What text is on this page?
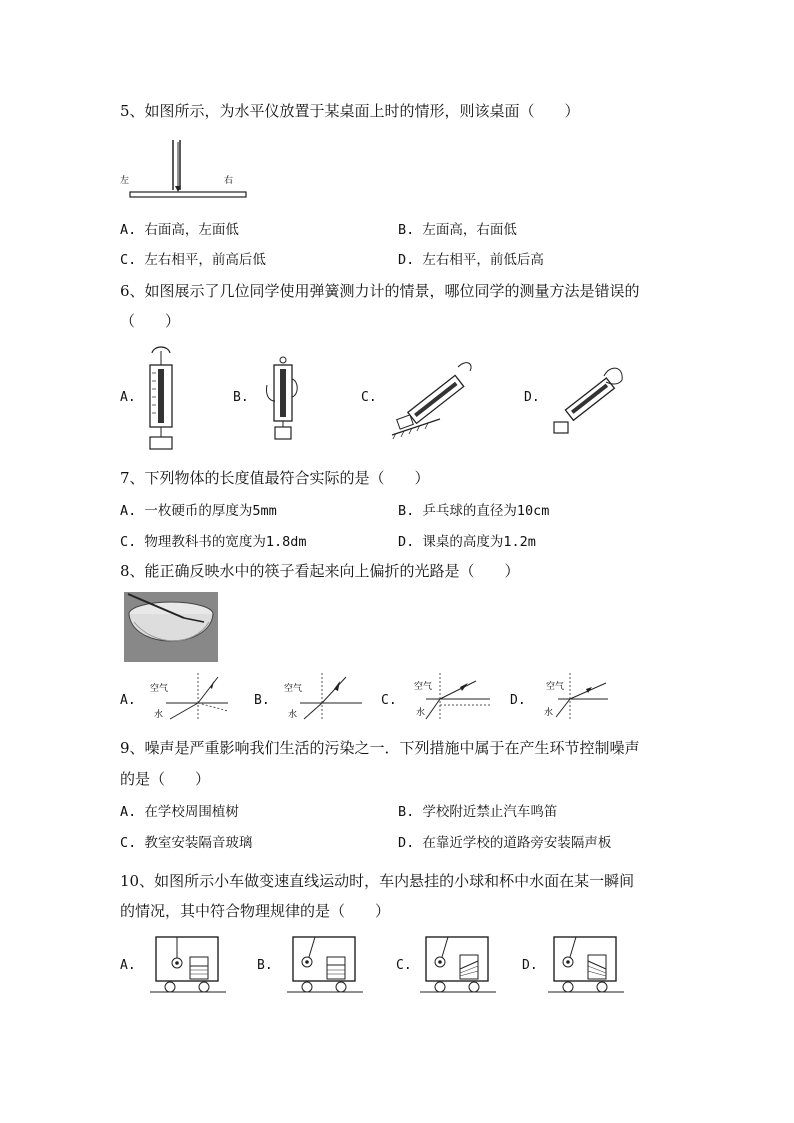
5、如图所示，为水平仪放置于某桌面上时的情形，则该桌面（　　）
左	右
A. 右面高，左面低	B. 左面高，右面低
C. 左右相平，前高后低	D. 左右相平，前低后高
6、如图展示了几位同学使用弹簧测力计的情景，哪位同学的测量方法是错误的
（　　）
A.	B.	C.	D.
7、下列物体的长度值最符合实际的是（　　）
A. 一枚硬币的厚度为5mm	B. 乒乓球的直径为10cm
C. 物理教科书的宽度为1.8dm	D. 课桌的高度为1.2m
8、能正确反映水中的筷子看起来向上偏折的光路是（　　）
A.
空气
水
B.
空气
水
C.
空气
水
D.
空气
水
9、噪声是严重影响我们生活的污染之一．下列措施中属于在产生环节控制噪声
的是（　　）
A. 在学校周围植树	B. 学校附近禁止汽车鸣笛
C. 教室安装隔音玻璃	D. 在靠近学校的道路旁安装隔声板
10、如图所示小车做变速直线运动时，车内悬挂的小球和杯中水面在某一瞬间
的情况，其中符合物理规律的是（　　）
A.	B.	C.	D.
